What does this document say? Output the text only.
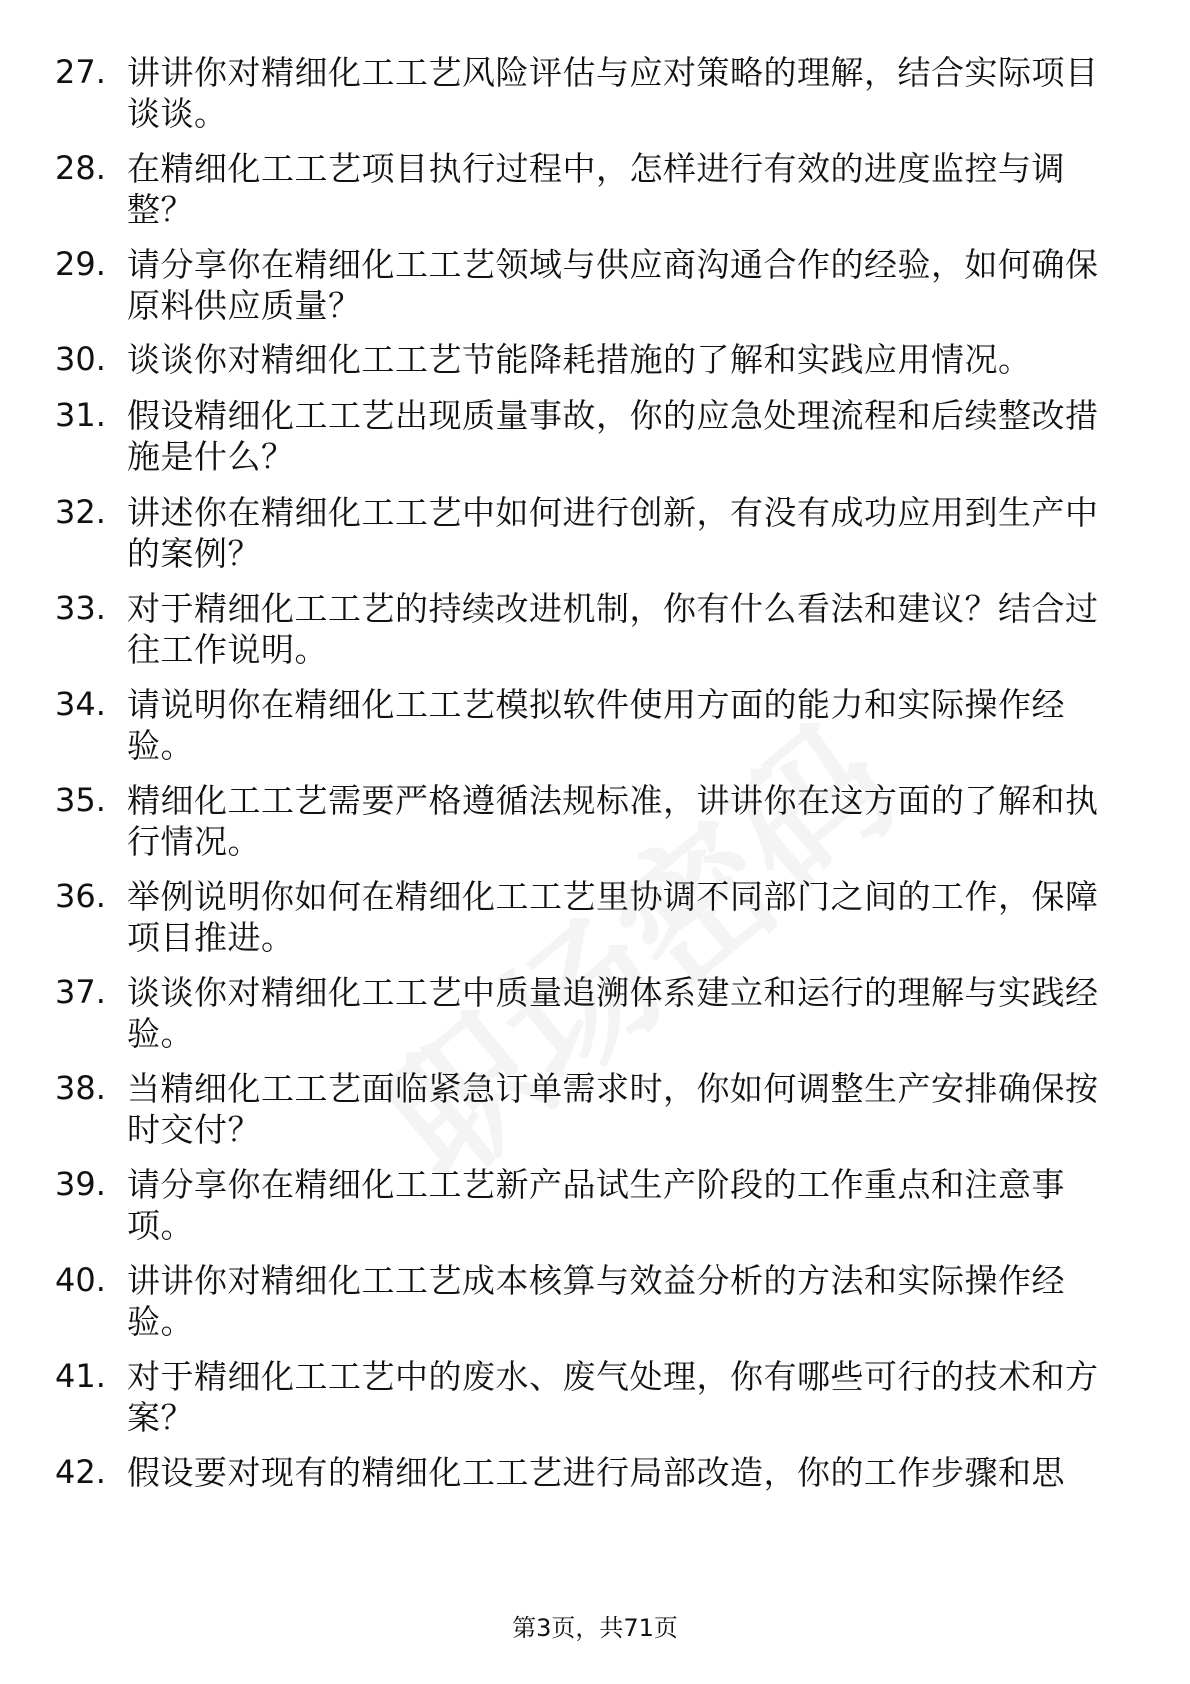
27. 讲讲你对精细化工工艺风险评估与应对策略的理解，结合实际项目谈谈。
28. 在精细化工工艺项目执行过程中，怎样进行有效的进度监控与调整？
29. 请分享你在精细化工工艺领域与供应商沟通合作的经验，如何确保原料供应质量？
30. 谈谈你对精细化工工艺节能降耗措施的了解和实践应用情况。
31. 假设精细化工工艺出现质量事故，你的应急处理流程和后续整改措施是什么？
32. 讲述你在精细化工工艺中如何进行创新，有没有成功应用到生产中的案例？
33. 对于精细化工工艺的持续改进机制，你有什么看法和建议？结合过往工作说明。
34. 请说明你在精细化工工艺模拟软件使用方面的能力和实际操作经验。
35. 精细化工工艺需要严格遵循法规标准，讲讲你在这方面的了解和执行情况。
36. 举例说明你如何在精细化工工艺里协调不同部门之间的工作，保障项目推进。
37. 谈谈你对精细化工工艺中质量追溯体系建立和运行的理解与实践经验。
38. 当精细化工工艺面临紧急订单需求时，你如何调整生产安排确保按时交付？
39. 请分享你在精细化工工艺新产品试生产阶段的工作重点和注意事项。
40. 讲讲你对精细化工工艺成本核算与效益分析的方法和实际操作经验。
41. 对于精细化工工艺中的废水、废气处理，你有哪些可行的技术和方案？
42. 假设要对现有的精细化工工艺进行局部改造，你的工作步骤和思
第3页，共71页
